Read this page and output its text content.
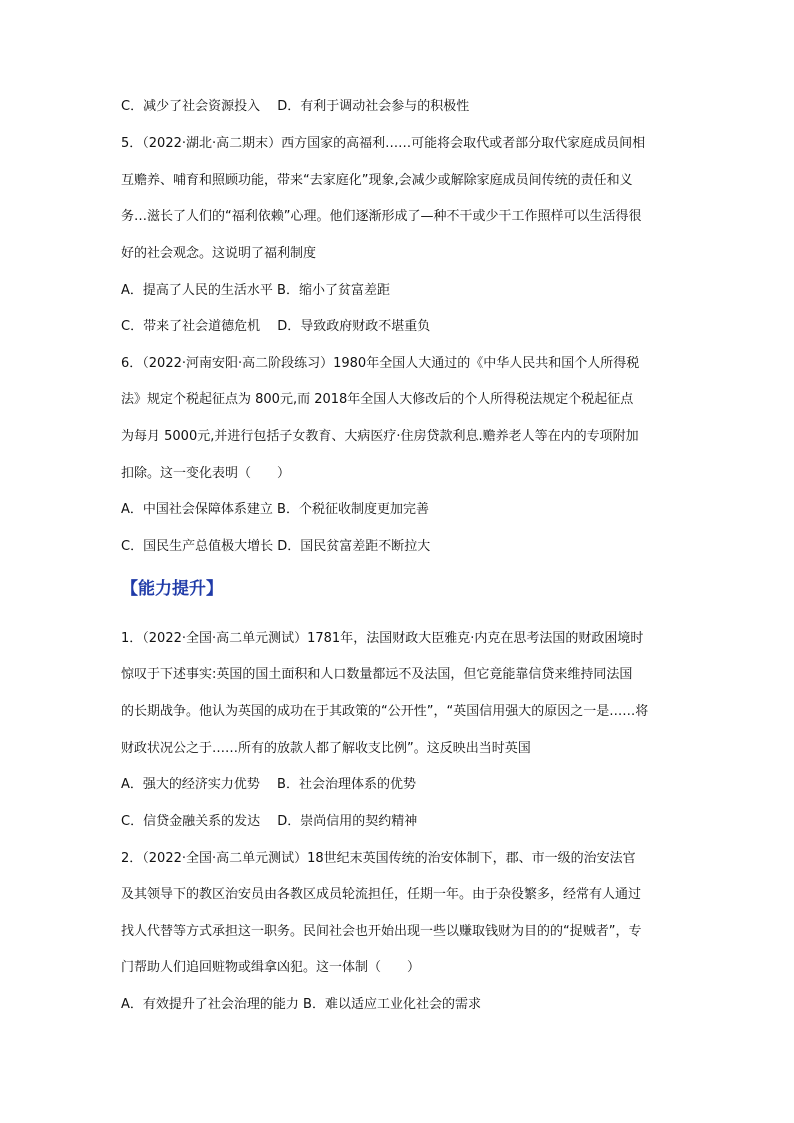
C．减少了社会资源投入　 D．有利于调动社会参与的积极性
5．（2022·湖北·高二期末）西方国家的高福利……可能将会取代或者部分取代家庭成员间相
互赡养、哺育和照顾功能，带来“去家庭化”现象,会减少或解除家庭成员间传统的责任和义
务…滋长了人们的“福利依赖”心理。他们逐渐形成了—种不干或少干工作照样可以生活得很
好的社会观念。这说明了福利制度
A．提高了人民的生活水平 B．缩小了贫富差距
C．带来了社会道德危机　 D．导致政府财政不堪重负
6．（2022·河南安阳·高二阶段练习）1980年全国人大通过的《中华人民共和国个人所得税
法》规定个税起征点为 800元,而 2018年全国人大修改后的个人所得税法规定个税起征点
为每月 5000元,并进行包括子女教育、大病医疗·住房贷款利息.赡养老人等在内的专项附加
扣除。这一变化表明（　　）
A．中国社会保障体系建立 B．个税征收制度更加完善
C．国民生产总值极大增长 D．国民贫富差距不断拉大
【能力提升】
1．（2022·全国·高二单元测试）1781年，法国财政大臣雅克·内克在思考法国的财政困境时
惊叹于下述事实:英国的国土面积和人口数量都远不及法国，但它竟能靠信贷来维持同法国
的长期战争。他认为英国的成功在于其政策的“公开性”，“英国信用强大的原因之一是……将
财政状况公之于……所有的放款人都了解收支比例”。这反映出当时英国
A．强大的经济实力优势　 B．社会治理体系的优势
C．信贷金融关系的发达　 D．崇尚信用的契约精神
2．（2022·全国·高二单元测试）18世纪末英国传统的治安体制下，郡、市一级的治安法官
及其领导下的教区治安员由各教区成员轮流担任，任期一年。由于杂役繁多，经常有人通过
找人代替等方式承担这一职务。民间社会也开始出现一些以赚取钱财为目的的“捉贼者”，专
门帮助人们追回赃物或缉拿凶犯。这一体制（　　）
A．有效提升了社会治理的能力 B．难以适应工业化社会的需求
